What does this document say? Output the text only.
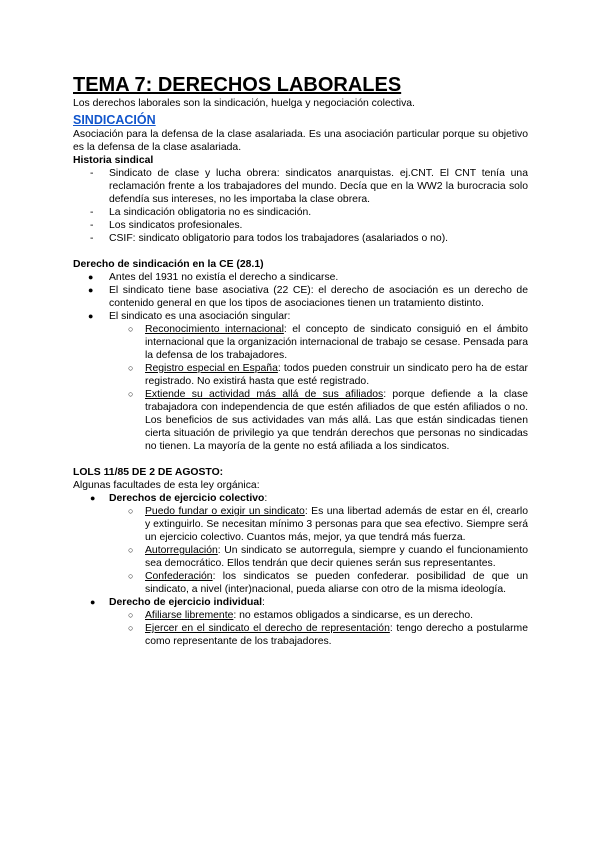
TEMA 7: DERECHOS LABORALES

Los derechos laborales son la sindicación, huelga y negociación colectiva.

SINDICACIÓN

Asociación para la defensa de la clase asalariada. Es una asociación particular porque su objetivo es la defensa de la clase asalariada.

Historia sindical

- Sindicato de clase y lucha obrera: sindicatos anarquistas. ej.CNT. El CNT tenía una reclamación frente a los trabajadores del mundo. Decía que en la WW2 la burocracia solo defendía sus intereses, no les importaba la clase obrera.
- La sindicación obligatoria no es sindicación.
- Los sindicatos profesionales.
- CSIF: sindicato obligatorio para todos los trabajadores (asalariados o no).

Derecho de sindicación en la CE (28.1)

● Antes del 1931 no existía el derecho a sindicarse.
● El sindicato tiene base asociativa (22 CE): el derecho de asociación es un derecho de contenido general en que los tipos de asociaciones tienen un tratamiento distinto.
● El sindicato es una asociación singular:
○ Reconocimiento internacional: el concepto de sindicato consiguió en el ámbito internacional que la organización internacional de trabajo se cesase. Pensada para la defensa de los trabajadores.
○ Registro especial en España: todos pueden construir un sindicato pero ha de estar registrado. No existirá hasta que esté registrado.
○ Extiende su actividad más allá de sus afiliados: porque defiende a la clase trabajadora con independencia de que estén afiliados de que estén afiliados o no. Los beneficios de sus actividades van más allá. Las que están sindicadas tienen cierta situación de privilegio ya que tendrán derechos que personas no sindicadas no tienen. La mayoría de la gente no está afiliada a los sindicatos.

LOLS 11/85 DE 2 DE AGOSTO:

Algunas facultades de esta ley orgánica:

● Derechos de ejercicio colectivo:
○ Puedo fundar o exigir un sindicato: Es una libertad además de estar en él, crearlo y extinguirlo. Se necesitan mínimo 3 personas para que sea efectivo. Siempre será un ejercicio colectivo. Cuantos más, mejor, ya que tendrá más fuerza.
○ Autorregulación: Un sindicato se autorregula, siempre y cuando el funcionamiento sea democrático. Ellos tendrán que decir quienes serán sus representantes.
○ Confederación: los sindicatos se pueden confederar. posibilidad de que un sindicato, a nivel (inter)nacional, pueda aliarse con otro de la misma ideología.
● Derecho de ejercicio individual:
○ Afiliarse libremente: no estamos obligados a sindicarse, es un derecho.
○ Ejercer en el sindicato el derecho de representación: tengo derecho a postularme como representante de los trabajadores.
